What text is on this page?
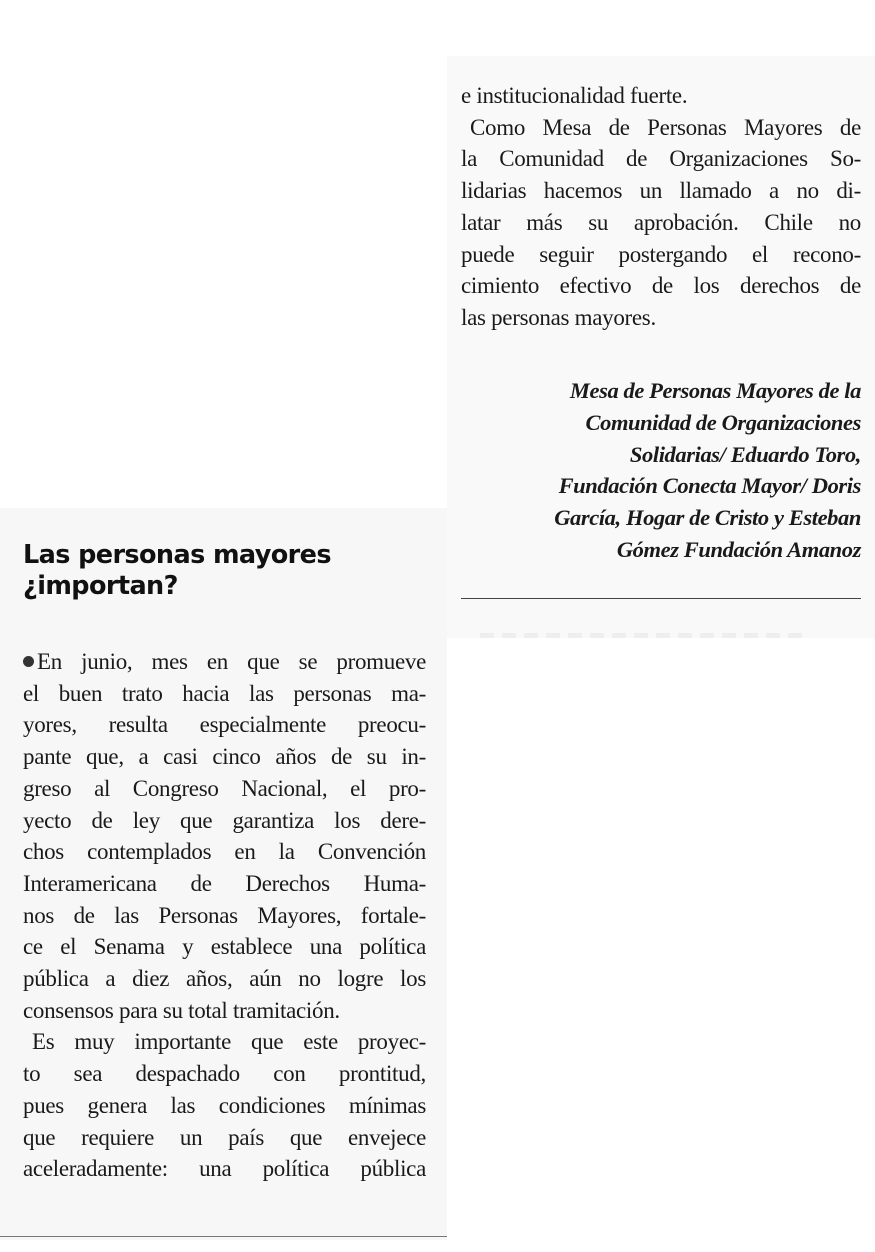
e institucionalidad fuerte.
Como Mesa de Personas Mayores de
la Comunidad de Organizaciones So-
lidarias hacemos un llamado a no di-
latar más su aprobación. Chile no
puede seguir postergando el recono-
cimiento efectivo de los derechos de
las personas mayores.
Mesa de Personas Mayores de la
Comunidad de Organizaciones
Solidarias/ Eduardo Toro,
Fundación Conecta Mayor/ Doris
García, Hogar de Cristo y Esteban
Gómez Fundación Amanoz
Las personas mayores
¿importan?
En junio, mes en que se promueve
el buen trato hacia las personas ma-
yores, resulta especialmente preocu-
pante que, a casi cinco años de su in-
greso al Congreso Nacional, el pro-
yecto de ley que garantiza los dere-
chos contemplados en la Convención
Interamericana de Derechos Huma-
nos de las Personas Mayores, fortale-
ce el Senama y establece una política
pública a diez años, aún no logre los
consensos para su total tramitación.
Es muy importante que este proyec-
to sea despachado con prontitud,
pues genera las condiciones mínimas
que requiere un país que envejece
aceleradamente: una política pública
